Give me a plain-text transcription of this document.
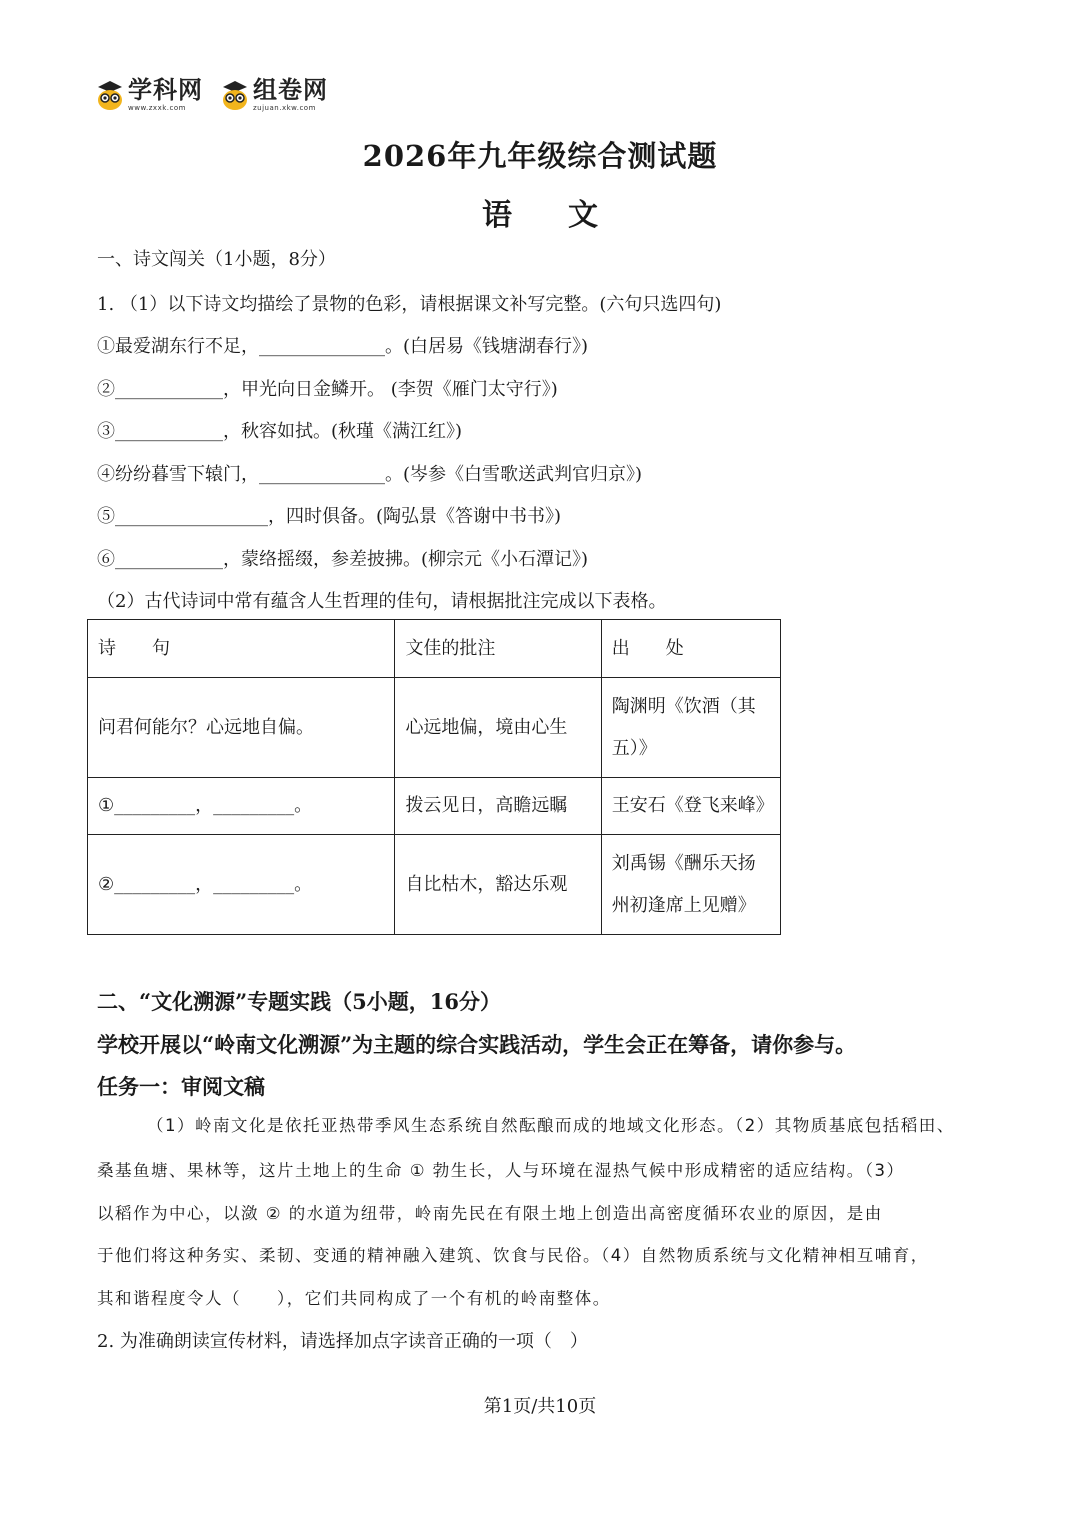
学科网
www.zxxk.com
组卷网
zujuan.xkw.com
2026年九年级综合测试题
语文
一、诗文闯关（1小题，8分）
1. （1）以下诗文均描绘了景物的色彩，请根据课文补写完整。(六句只选四句)
①最爱湖东行不足，______________。(白居易《钱塘湖春行》)
②____________，甲光向日金鳞开。 (李贺《雁门太守行》)
③____________，秋容如拭。(秋瑾《满江红》)
④纷纷暮雪下辕门，______________。(岑参《白雪歌送武判官归京》)
⑤_________________，四时俱备。(陶弘景《答谢中书书》)
⑥____________，蒙络摇缀，参差披拂。(柳宗元《小石潭记》)
（2）古代诗词中常有蕴含人生哲理的佳句，请根据批注完成以下表格。
诗　　句	文佳的批注	出　　处
问君何能尔？心远地自偏。	心远地偏，境由心生	陶渊明《饮酒（其五）》
①_________，_________。	拨云见日，高瞻远瞩	王安石《登飞来峰》
②_________，_________。	自比枯木，豁达乐观	刘禹锡《酬乐天扬州初逢席上见赠》
二、“文化溯源”专题实践（5小题，16分）
学校开展以“岭南文化溯源”为主题的综合实践活动，学生会正在筹备，请你参与。
任务一：审阅文稿
（1）岭南文化是依托亚热带季风生态系统自然酝酿而成的地域文化形态。（2）其物质基底包括稻田、
桑基鱼塘、果林等，这片土地上的生命 ① 勃生长，人与环境在湿热气候中形成精密的适应结构。（3）
以稻作为中心，以潋 ② 的水道为纽带，岭南先民在有限土地上创造出高密度循环农业的原因，是由
于他们将这种务实、柔韧、变通的精神融入建筑、饮食与民俗。（4）自然物质系统与文化精神相互哺育，
其和谐程度令人（　　），它们共同构成了一个有机的岭南整体。
2. 为准确朗读宣传材料，请选择加点字读音正确的一项（　）
第1页/共10页
